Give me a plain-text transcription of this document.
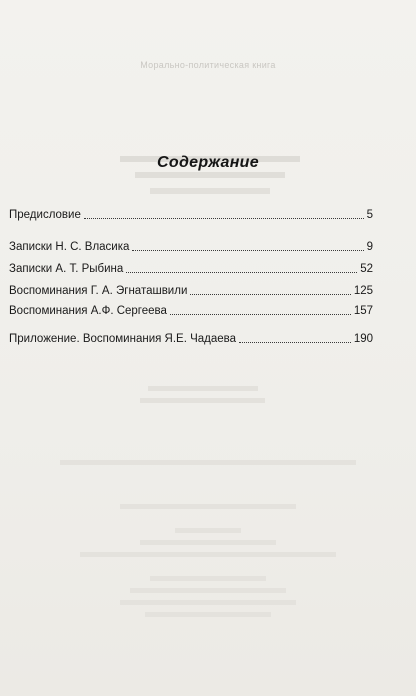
Морально-политическая книга
Содержание
Предисловие	5
Записки Н. С. Власика	9
Записки А. Т. Рыбина	52
Воспоминания Г. А. Эгнаташвили	125
Воспоминания А.Ф. Сергеева	157
Приложение. Воспоминания Я.Е. Чадаева	190
